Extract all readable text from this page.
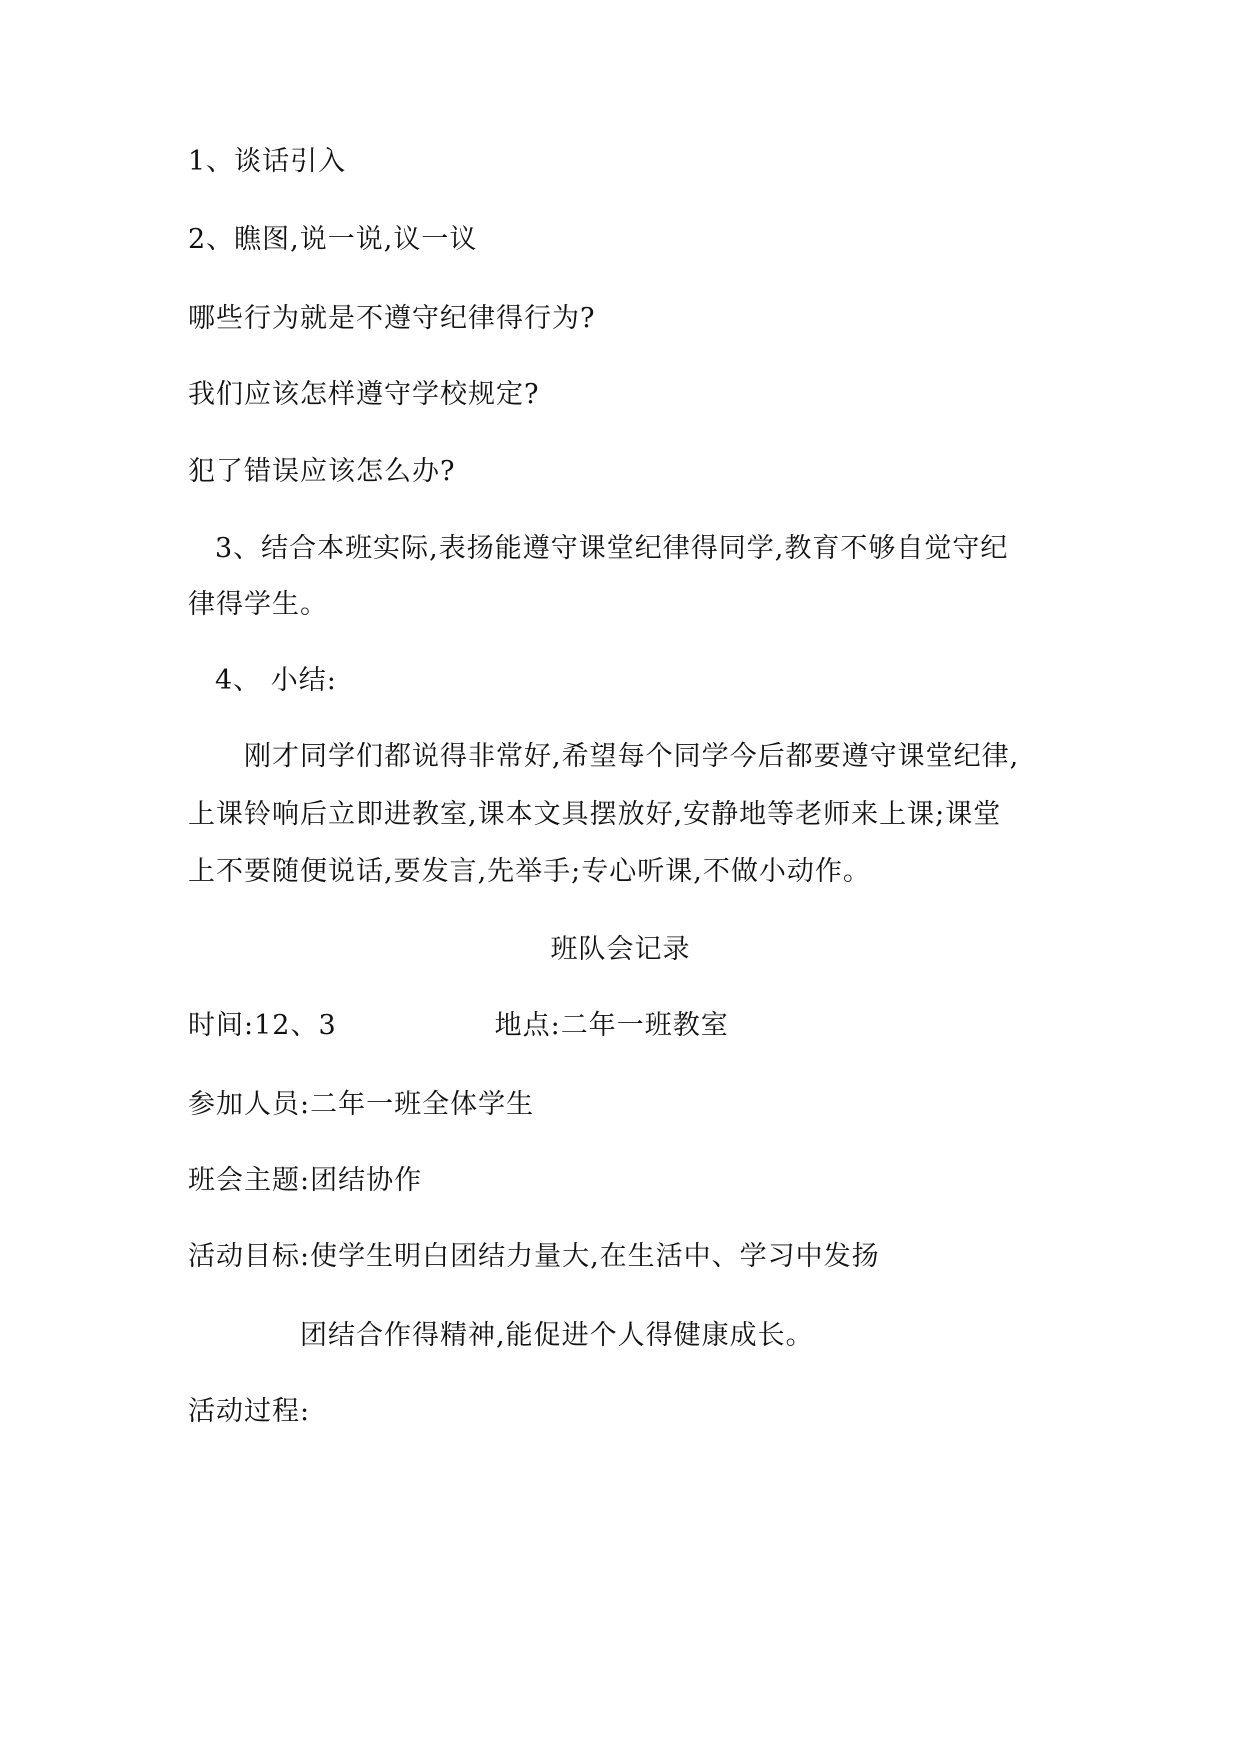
1、谈话引入
2、瞧图,说一说,议一议
哪些行为就是不遵守纪律得行为?
我们应该怎样遵守学校规定?
犯了错误应该怎么办?
3、结合本班实际,表扬能遵守课堂纪律得同学,教育不够自觉守纪
律得学生。
4、 小结:
刚才同学们都说得非常好,希望每个同学今后都要遵守课堂纪律,
上课铃响后立即进教室,课本文具摆放好,安静地等老师来上课;课堂
上不要随便说话,要发言,先举手;专心听课,不做小动作。
班队会记录
时间:12、3	地点:二年一班教室
参加人员:二年一班全体学生
班会主题:团结协作
活动目标:使学生明白团结力量大,在生活中、学习中发扬
团结合作得精神,能促进个人得健康成长。
活动过程:
